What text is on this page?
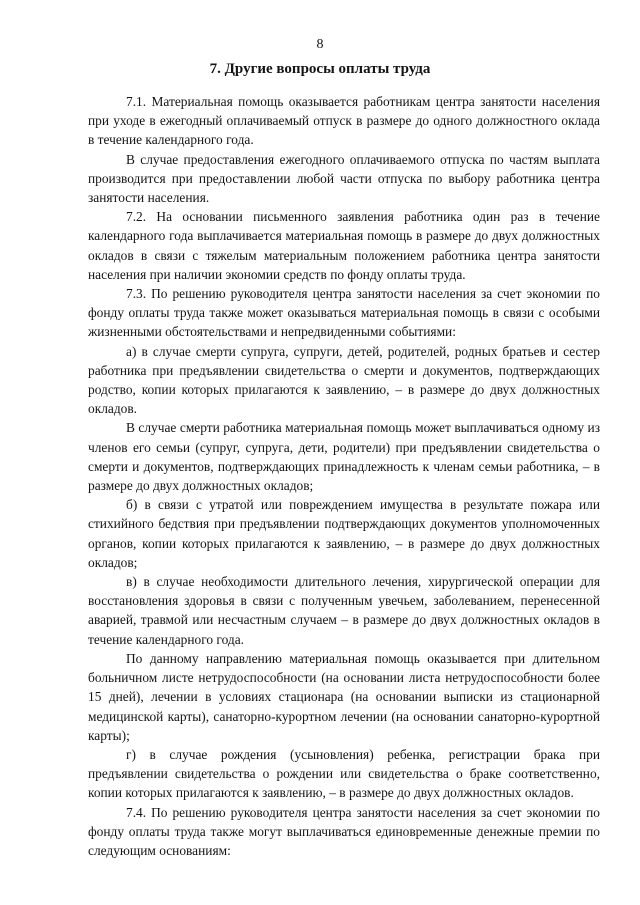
8
7. Другие вопросы оплаты труда

7.1. Материальная помощь оказывается работникам центра занятости населения при уходе в ежегодный оплачиваемый отпуск в размере до одного должностного оклада в течение календарного года.

В случае предоставления ежегодного оплачиваемого отпуска по частям выплата производится при предоставлении любой части отпуска по выбору работника центра занятости населения.

7.2. На основании письменного заявления работника один раз в течение календарного года выплачивается материальная помощь в размере до двух должностных окладов в связи с тяжелым материальным положением работника центра занятости населения при наличии экономии средств по фонду оплаты труда.

7.3. По решению руководителя центра занятости населения за счет экономии по фонду оплаты труда также может оказываться материальная помощь в связи с особыми жизненными обстоятельствами и непредвиденными событиями:

а) в случае смерти супруга, супруги, детей, родителей, родных братьев и сестер работника при предъявлении свидетельства о смерти и документов, подтверждающих родство, копии которых прилагаются к заявлению, – в размере до двух должностных окладов.

В случае смерти работника материальная помощь может выплачиваться одному из членов его семьи (супруг, супруга, дети, родители) при предъявлении свидетельства о смерти и документов, подтверждающих принадлежность к членам семьи работника, – в размере до двух должностных окладов;

б) в связи с утратой или повреждением имущества в результате пожара или стихийного бедствия при предъявлении подтверждающих документов уполномоченных органов, копии которых прилагаются к заявлению, – в размере до двух должностных окладов;

в) в случае необходимости длительного лечения, хирургической операции для восстановления здоровья в связи с полученным увечьем, заболеванием, перенесенной аварией, травмой или несчастным случаем – в размере до двух должностных окладов в течение календарного года.

По данному направлению материальная помощь оказывается при длительном больничном листе нетрудоспособности (на основании листа нетрудоспособности более 15 дней), лечении в условиях стационара (на основании выписки из стационарной медицинской карты), санаторно-курортном лечении (на основании санаторно-курортной карты);

г) в случае рождения (усыновления) ребенка, регистрации брака при предъявлении свидетельства о рождении или свидетельства о браке соответственно, копии которых прилагаются к заявлению, – в размере до двух должностных окладов.

7.4. По решению руководителя центра занятости населения за счет экономии по фонду оплаты труда также могут выплачиваться единовременные денежные премии по следующим основаниям:
